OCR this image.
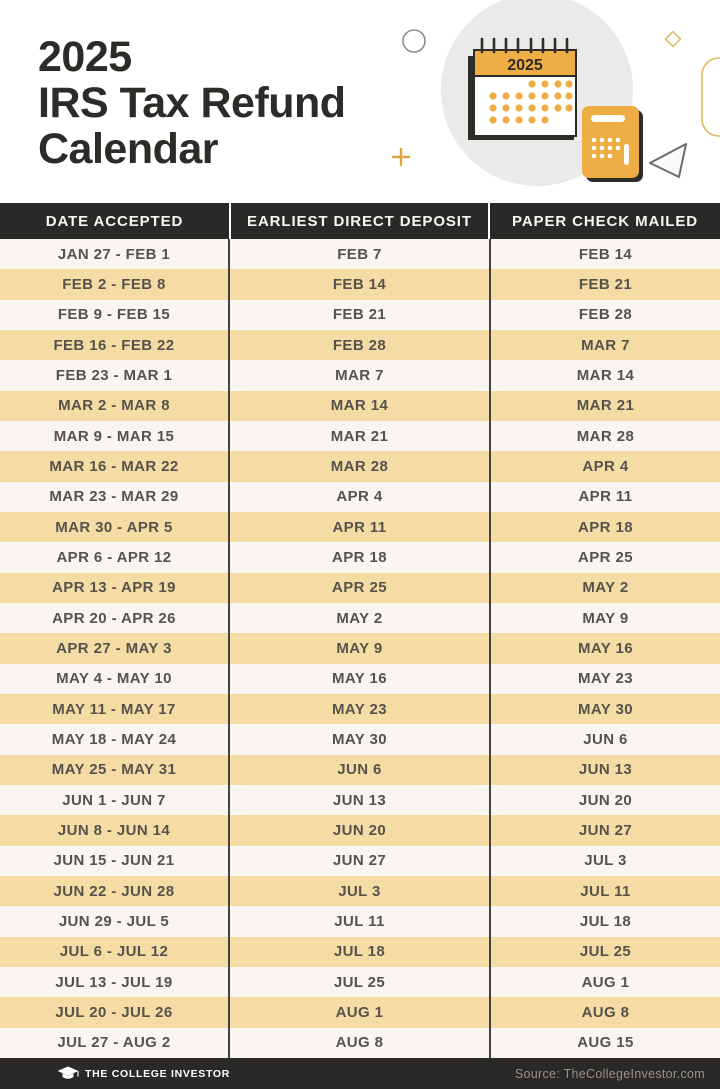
2025
2025
IRS Tax Refund
Calendar
DATE ACCEPTED	EARLIEST DIRECT DEPOSIT	PAPER CHECK MAILED
JAN 27 - FEB 1	FEB 7	FEB 14
FEB 2 - FEB 8	FEB 14	FEB 21
FEB 9 - FEB 15	FEB 21	FEB 28
FEB 16 - FEB 22	FEB 28	MAR 7
FEB 23 - MAR 1	MAR 7	MAR 14
MAR 2 - MAR 8	MAR 14	MAR 21
MAR 9 - MAR 15	MAR 21	MAR 28
MAR 16 - MAR 22	MAR 28	APR 4
MAR 23 - MAR 29	APR 4	APR 11
MAR 30 - APR 5	APR 11	APR 18
APR 6 - APR 12	APR 18	APR 25
APR 13 - APR 19	APR 25	MAY 2
APR 20 - APR 26	MAY 2	MAY 9
APR 27 - MAY 3	MAY 9	MAY 16
MAY 4 - MAY 10	MAY 16	MAY 23
MAY 11 - MAY 17	MAY 23	MAY 30
MAY 18 - MAY 24	MAY 30	JUN 6
MAY 25 - MAY 31	JUN 6	JUN 13
JUN 1 - JUN 7	JUN 13	JUN 20
JUN 8 - JUN 14	JUN 20	JUN 27
JUN 15 - JUN 21	JUN 27	JUL 3
JUN 22 - JUN 28	JUL 3	JUL 11
JUN 29 - JUL 5	JUL 11	JUL 18
JUL 6 - JUL 12	JUL 18	JUL 25
JUL 13 - JUL 19	JUL 25	AUG 1
JUL 20 - JUL 26	AUG 1	AUG 8
JUL 27 - AUG 2	AUG 8	AUG 15
THE COLLEGE INVESTOR	Source: TheCollegeInvestor.com
